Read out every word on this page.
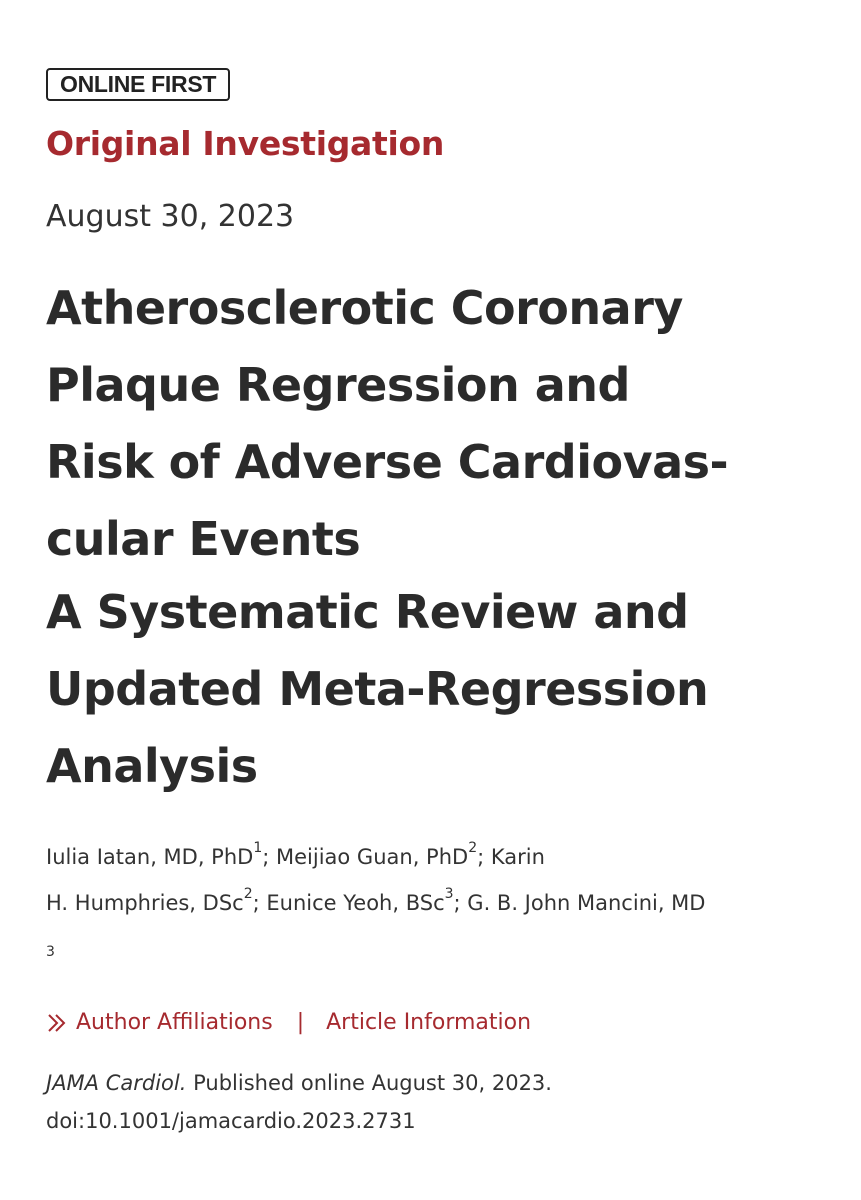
ONLINE FIRST
Original Investigation
August 30, 2023
Atherosclerotic Coronary
Plaque Regression and
Risk of Adverse Cardiovas-
cular Events
A Systematic Review and
Updated Meta-Regression
Analysis
Iulia Iatan, MD, PhD$^1$; Meijiao Guan, PhD$^2$; Karin
H. Humphries, DSc$^2$; Eunice Yeoh, BSc$^3$; G. B. John Mancini, MD
3
Author Affiliations | Article Information
JAMA Cardiol. Published online August 30, 2023.
doi:10.1001/jamacardio.2023.2731
